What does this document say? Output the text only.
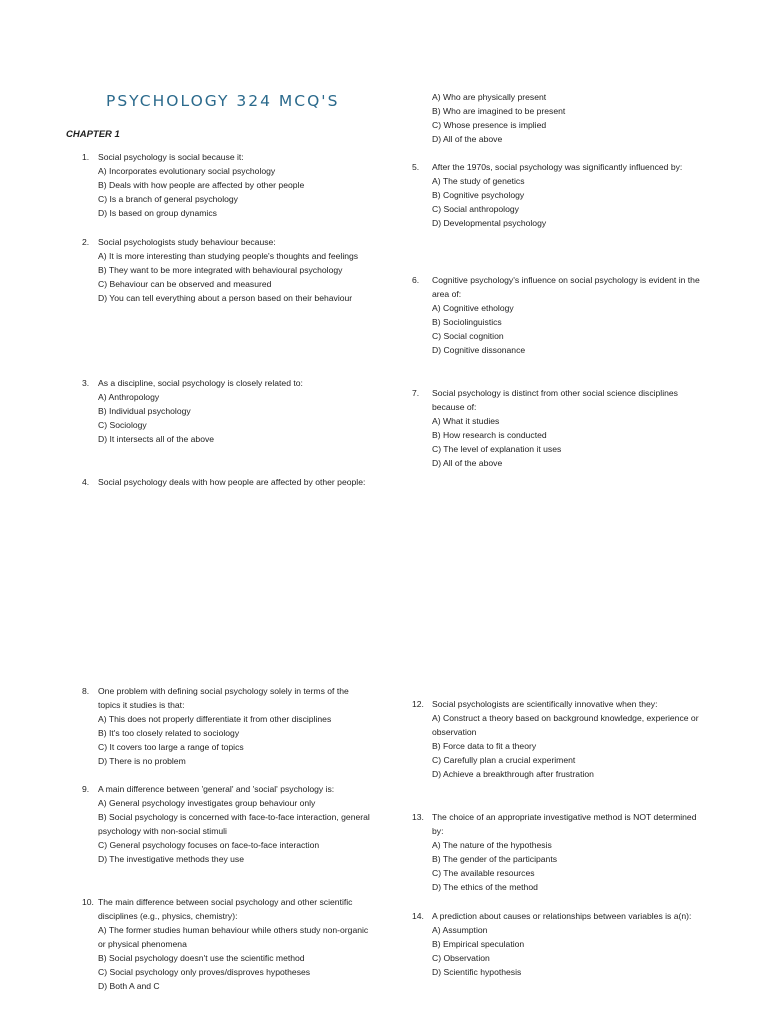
PSYCHOLOGY 324 MCQ'S
CHAPTER 1
1. Social psychology is social because it:

A) Incorporates evolutionary social psychology
B) Deals with how people are affected by other people
C) Is a branch of general psychology
D) Is based on group dynamics
2. Social psychologists study behaviour because:

A) It is more interesting than studying people's thoughts and feelings
B) They want to be more integrated with behavioural psychology
C) Behaviour can be observed and measured
D) You can tell everything about a person based on their behaviour
3. As a discipline, social psychology is closely related to:

A) Anthropology
B) Individual psychology
C) Sociology
D) It intersects all of the above
4. Social psychology deals with how people are affected by other people:

A) Who are physically present
B) Who are imagined to be present
C) Whose presence is implied
D) All of the above
5. After the 1970s, social psychology was significantly influenced by:

A) The study of genetics
B) Cognitive psychology
C) Social anthropology
D) Developmental psychology
6. Cognitive psychology's influence on social psychology is evident in the area of:

A) Cognitive ethology
B) Sociolinguistics
C) Social cognition
D) Cognitive dissonance
7. Social psychology is distinct from other social science disciplines because of:

A) What it studies
B) How research is conducted
C) The level of explanation it uses
D) All of the above
8. One problem with defining social psychology solely in terms of the topics it studies is that:

A) This does not properly differentiate it from other disciplines
B) It's too closely related to sociology
C) It covers too large a range of topics
D) There is no problem
9. A main difference between 'general' and 'social' psychology is:

A) General psychology investigates group behaviour only
B) Social psychology is concerned with face-to-face interaction, general psychology with non-social stimuli
C) General psychology focuses on face-to-face interaction
D) The investigative methods they use
10. The main difference between social psychology and other scientific disciplines (e.g., physics, chemistry):

A) The former studies human behaviour while others study non-organic or physical phenomena
B) Social psychology doesn't use the scientific method
C) Social psychology only proves/disproves hypotheses
D) Both A and C
12. Social psychologists are scientifically innovative when they:

A) Construct a theory based on background knowledge, experience or observation
B) Force data to fit a theory
C) Carefully plan a crucial experiment
D) Achieve a breakthrough after frustration
13. The choice of an appropriate investigative method is NOT determined by:

A) The nature of the hypothesis
B) The gender of the participants
C) The available resources
D) The ethics of the method
14. A prediction about causes or relationships between variables is a(n):

A) Assumption
B) Empirical speculation
C) Observation
D) Scientific hypothesis
